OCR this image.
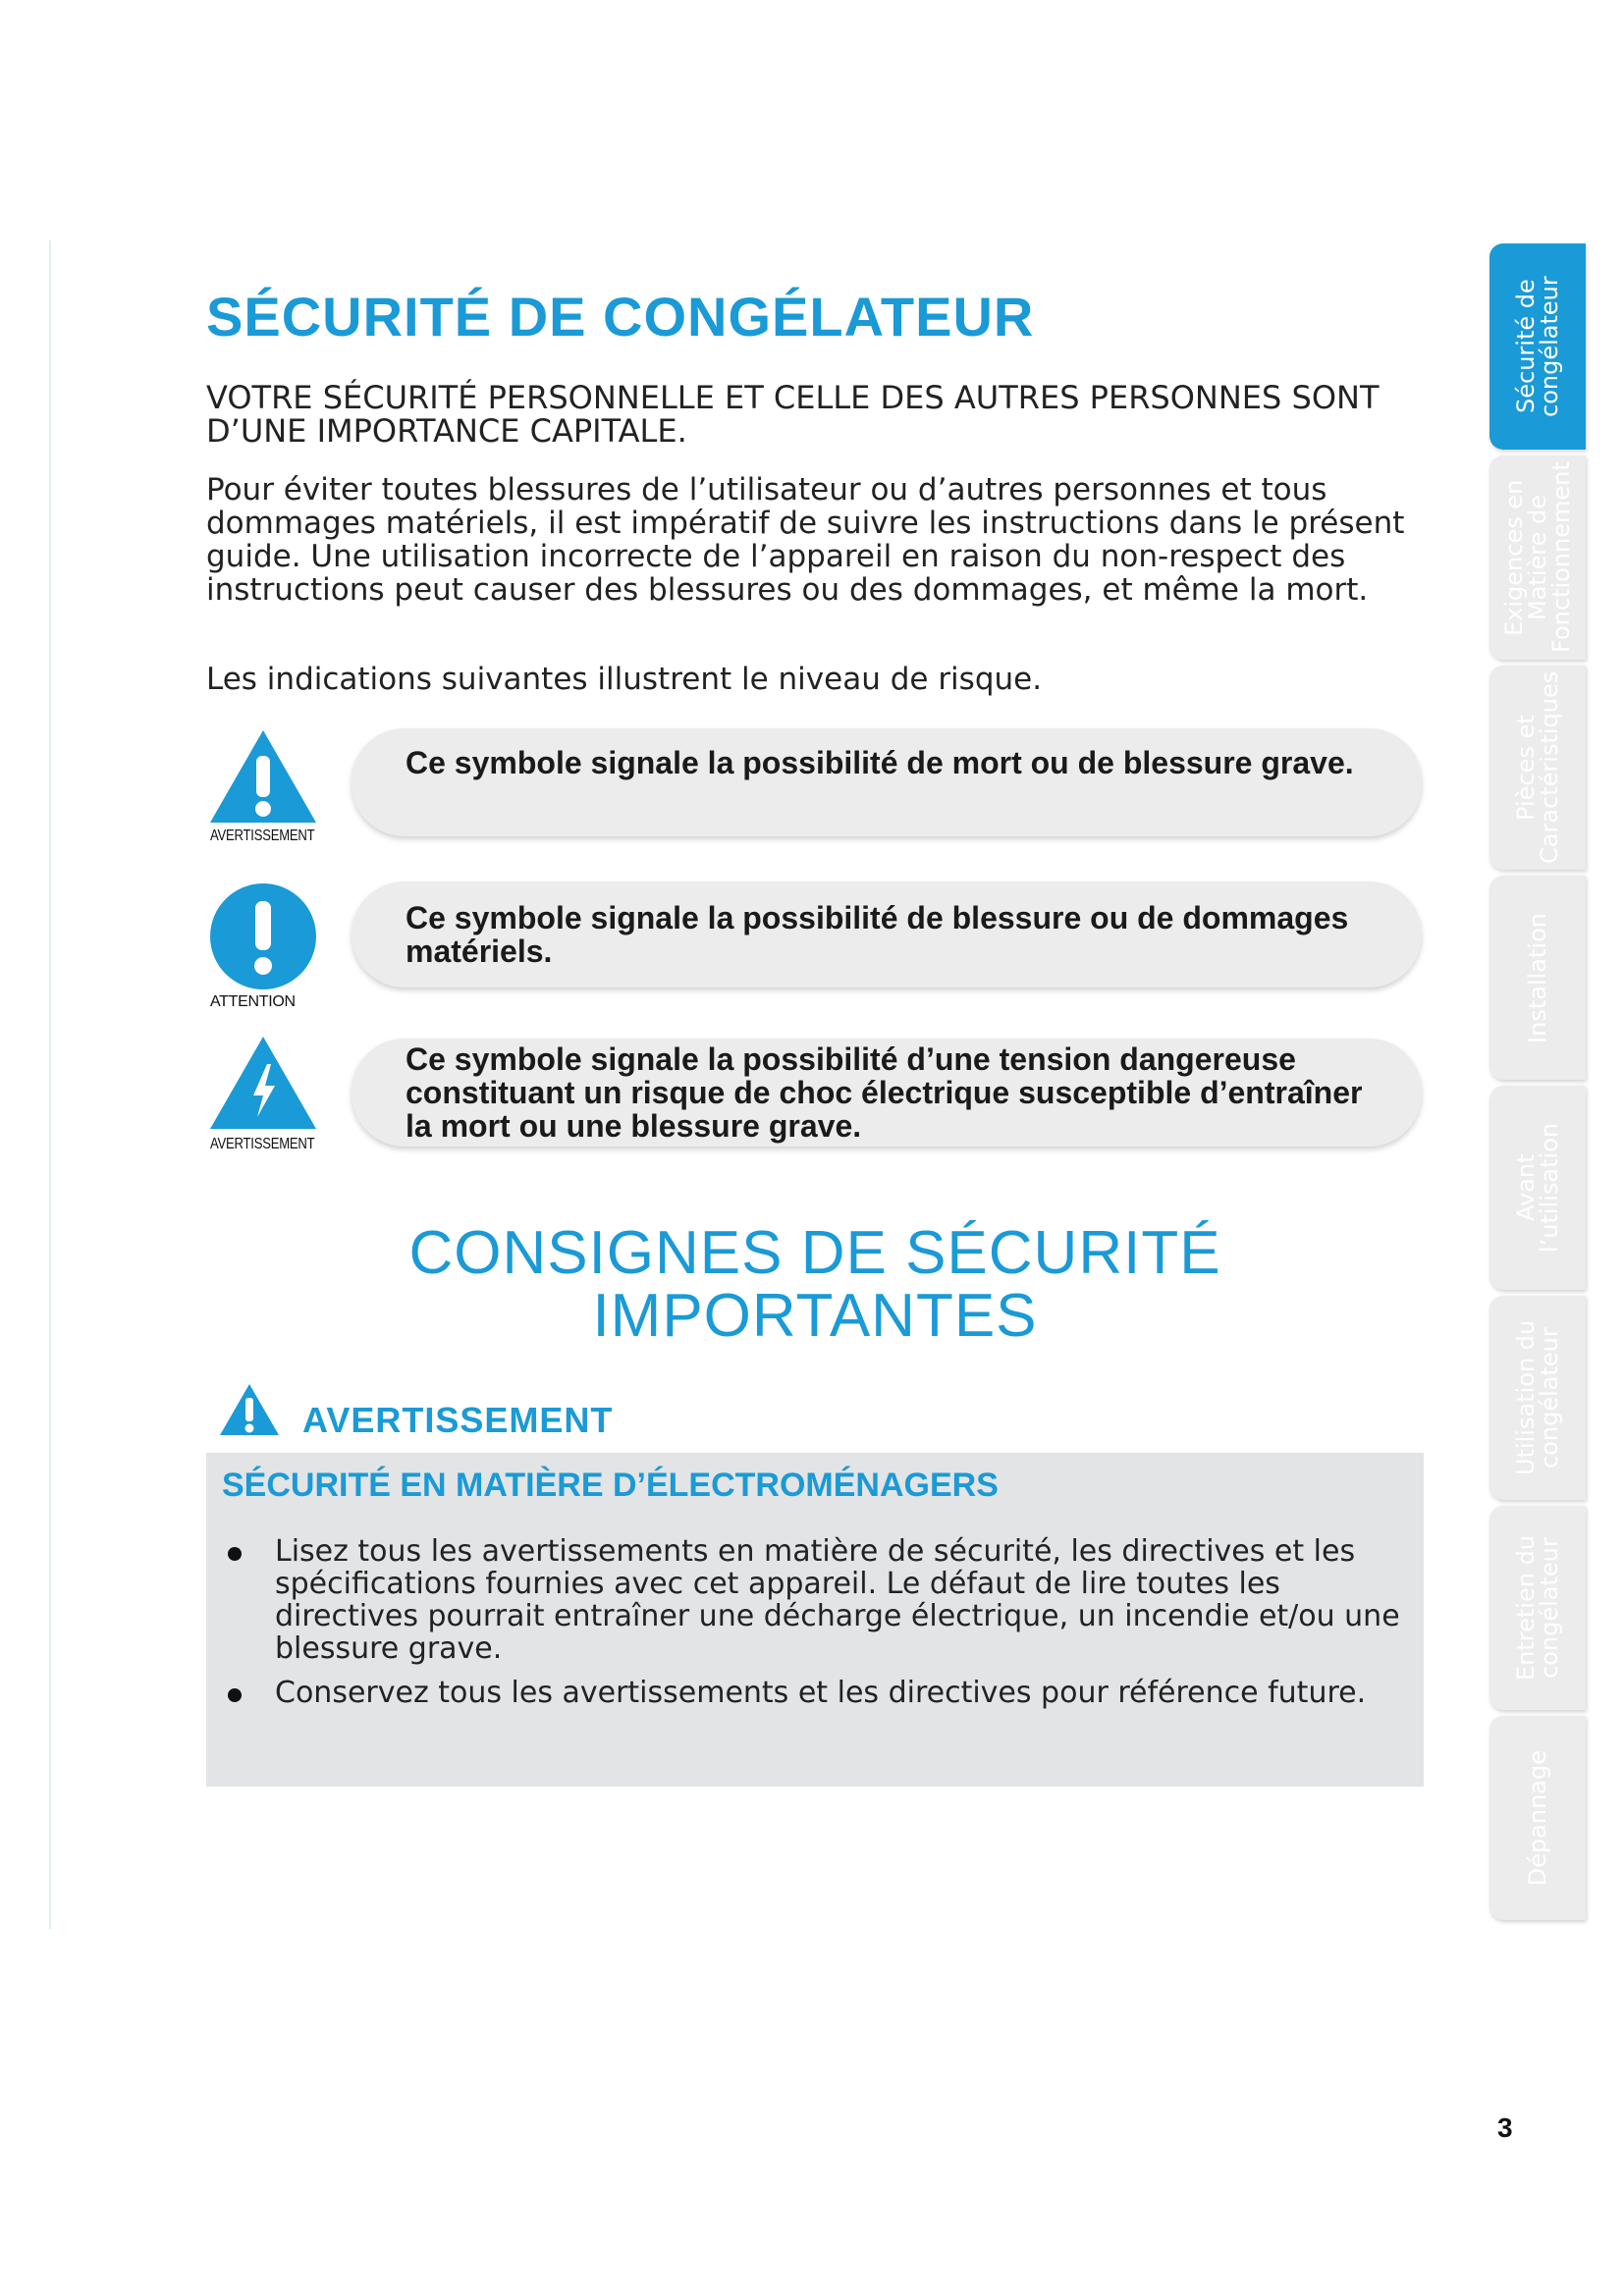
SÉCURITÉ DE CONGÉLATEUR
VOTRE SÉCURITÉ PERSONNELLE ET CELLE DES AUTRES PERSONNES SONT D’UNE IMPORTANCE CAPITALE.

Pour éviter toutes blessures de l’utilisateur ou d’autres personnes et tous dommages matériels, il est impératif de suivre les instructions dans le présent guide. Une utilisation incorrecte de l’appareil en raison du non-respect des instructions peut causer des blessures ou des dommages, et même la mort.

Les indications suivantes illustrent le niveau de risque.

AVERTISSEMENT

Ce symbole signale la possibilité de mort ou de blessure grave.

ATTENTION

Ce symbole signale la possibilité de blessure ou de dommages matériels.

AVERTISSEMENT

Ce symbole signale la possibilité d’une tension dangereuse constituant un risque de choc électrique susceptible d’entraîner la mort ou une blessure grave.

CONSIGNES DE SÉCURITÉ
IMPORTANTES
AVERTISSEMENT
SÉCURITÉ EN MATIÈRE D’ÉLECTROMÉNAGERS
Lisez tous les avertissements en matière de sécurité, les directives et les spécifications fournies avec cet appareil. Le défaut de lire toutes les directives pourrait entraîner une décharge électrique, un incendie et/ou une blessure grave.
Conservez tous les avertissements et les directives pour référence future.
Sécurité de congélateur
Exigences en Matière de Fonctionnement
Pièces et Caractéristiques
Installation
Avant l’utilisation
Utilisation du congélateur
Entretien du congélateur
Dépannage
3
